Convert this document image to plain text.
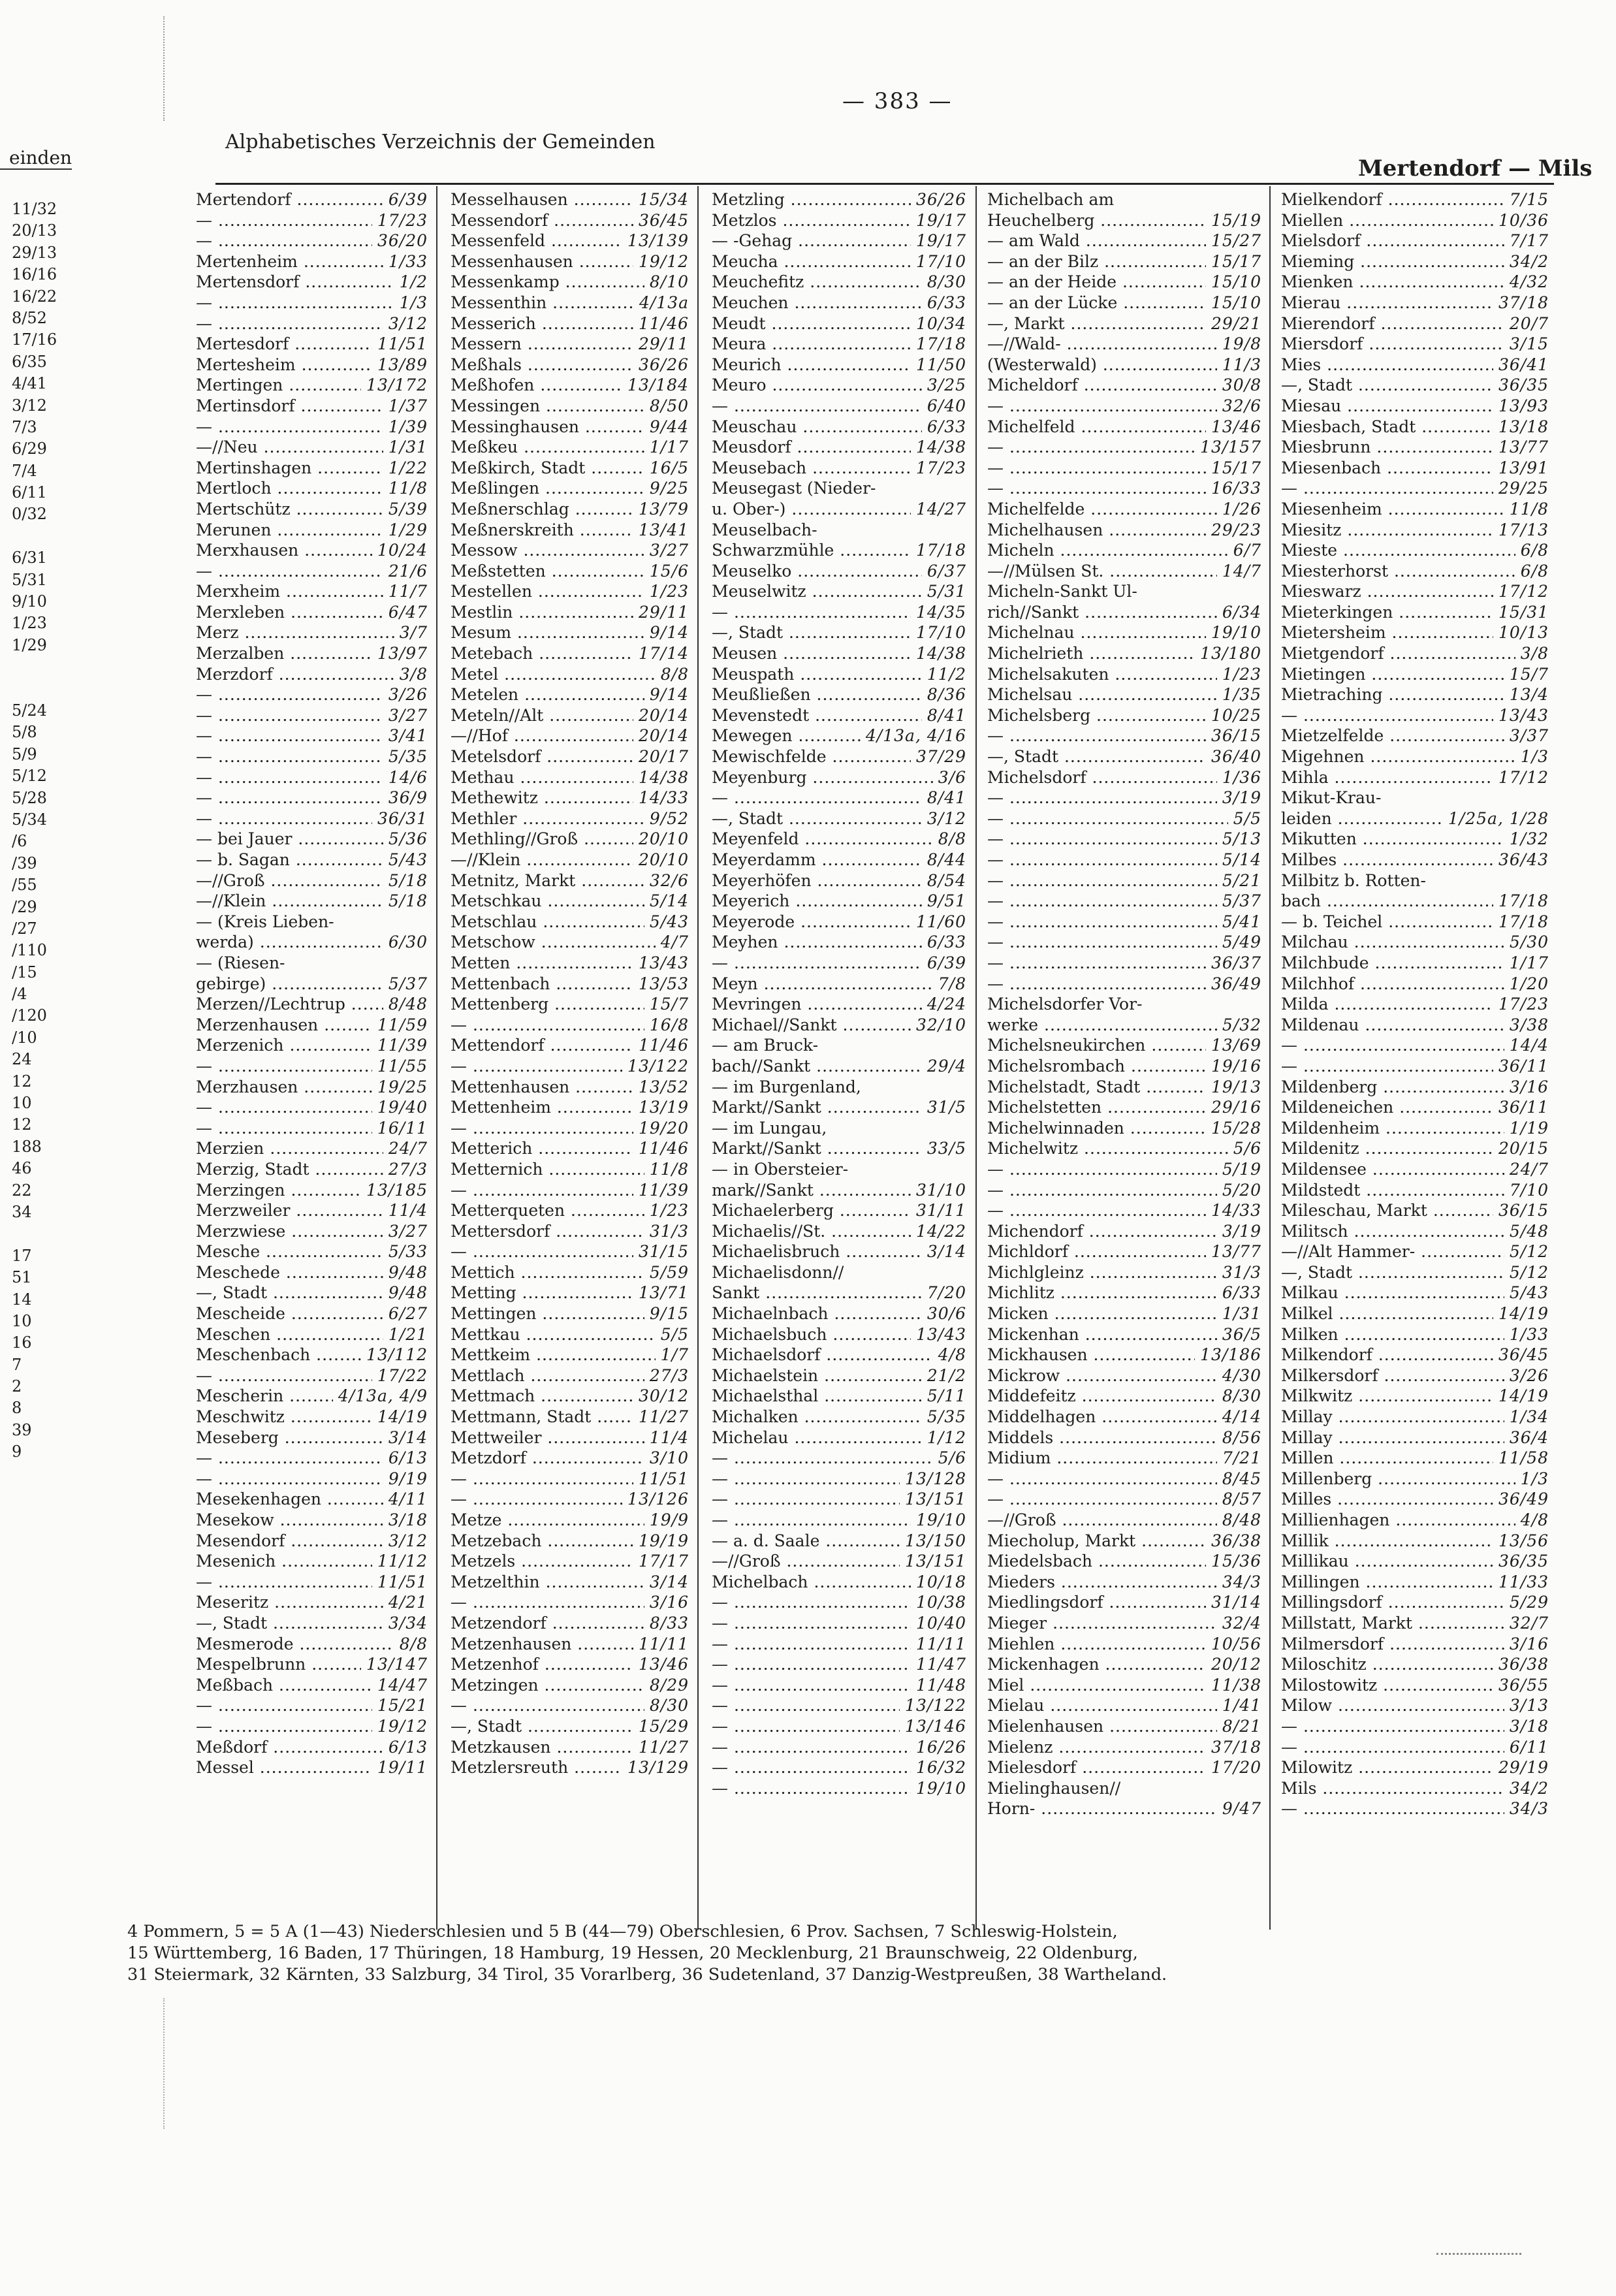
einden
11/32
20/13
29/13
16/16
16/22
8/52
17/16
6/35
4/41
3/12
7/3
6/29
7/4
6/11
0/32
6/31
5/31
9/10
1/23
1/29
5/24
5/8
5/9
5/12
5/28
5/34
/6
/39
/55
/29
/27
/110
/15
/4
/120
/10
24
12
10
12
188
46
22
34
17
51
14
10
16
7
2
8
39
9
— 383 —
Alphabetisches Verzeichnis der Gemeinden
Mertendorf — Mils
Mertendorf .....	6/39
— .....	17/23
— .....	36/20
Mertenheim .....	1/33
Mertensdorf .....	1/2
— .....	1/3
— .....	3/12
Mertesdorf .....	11/51
Mertesheim .....	13/89
Mertingen .....	13/172
Mertinsdorf .....	1/37
— .....	1/39
—//Neu .....	1/31
Mertinshagen .....	1/22
Mertloch .....	11/8
Mertschütz .....	5/39
Merunen .....	1/29
Merxhausen .....	10/24
— .....	21/6
Merxheim .....	11/7
Merxleben .....	6/47
Merz .....	3/7
Merzalben .....	13/97
Merzdorf .....	3/8
— .....	3/26
— .....	3/27
— .....	3/41
— .....	5/35
— .....	14/6
— .....	36/9
— .....	36/31
— bei Jauer .....	5/36
— b. Sagan .....	5/43
—//Groß .....	5/18
—//Klein .....	5/18
— (Kreis Lieben-
werda) .....	6/30
— (Riesen-
gebirge) .....	5/37
Merzen//Lechtrup .....	8/48
Merzenhausen .....	11/59
Merzenich .....	11/39
— .....	11/55
Merzhausen .....	19/25
— .....	19/40
— .....	16/11
Merzien .....	24/7
Merzig, Stadt .....	27/3
Merzingen .....	13/185
Merzweiler .....	11/4
Merzwiese .....	3/27
Mesche .....	5/33
Meschede .....	9/48
—, Stadt .....	9/48
Mescheide .....	6/27
Meschen .....	1/21
Meschenbach .....	13/112
— .....	17/22
Mescherin .....	4/13a, 4/9
Meschwitz .....	14/19
Meseberg .....	3/14
— .....	6/13
— .....	9/19
Mesekenhagen .....	4/11
Mesekow .....	3/18
Mesendorf .....	3/12
Mesenich .....	11/12
— .....	11/51
Meseritz .....	4/21
—, Stadt .....	3/34
Mesmerode .....	8/8
Mespelbrunn .....	13/147
Meßbach .....	14/47
— .....	15/21
— .....	19/12
Meßdorf .....	6/13
Messel .....	19/11
Messelhausen .....	15/34
Messendorf .....	36/45
Messenfeld .....	13/139
Messenhausen .....	19/12
Messenkamp .....	8/10
Messenthin .....	4/13a
Messerich .....	11/46
Messern .....	29/11
Meßhals .....	36/26
Meßhofen .....	13/184
Messingen .....	8/50
Messinghausen .....	9/44
Meßkeu .....	1/17
Meßkirch, Stadt .....	16/5
Meßlingen .....	9/25
Meßnerschlag .....	13/79
Meßnerskreith .....	13/41
Messow .....	3/27
Meßstetten .....	15/6
Mestellen .....	1/23
Mestlin .....	29/11
Mesum .....	9/14
Metebach .....	17/14
Metel .....	8/8
Metelen .....	9/14
Meteln//Alt .....	20/14
—//Hof .....	20/14
Metelsdorf .....	20/17
Methau .....	14/38
Methewitz .....	14/33
Methler .....	9/52
Methling//Groß .....	20/10
—//Klein .....	20/10
Metnitz, Markt .....	32/6
Metschkau .....	5/14
Metschlau .....	5/43
Metschow .....	4/7
Metten .....	13/43
Mettenbach .....	13/53
Mettenberg .....	15/7
— .....	16/8
Mettendorf .....	11/46
— .....	13/122
Mettenhausen .....	13/52
Mettenheim .....	13/19
— .....	19/20
Metterich .....	11/46
Metternich .....	11/8
— .....	11/39
Metterqueten .....	1/23
Mettersdorf .....	31/3
— .....	31/15
Mettich .....	5/59
Metting .....	13/71
Mettingen .....	9/15
Mettkau .....	5/5
Mettkeim .....	1/7
Mettlach .....	27/3
Mettmach .....	30/12
Mettmann, Stadt .....	11/27
Mettweiler .....	11/4
Metzdorf .....	3/10
— .....	11/51
— .....	13/126
Metze .....	19/9
Metzebach .....	19/19
Metzels .....	17/17
Metzelthin .....	3/14
— .....	3/16
Metzendorf .....	8/33
Metzenhausen .....	11/11
Metzenhof .....	13/46
Metzingen .....	8/29
— .....	8/30
—, Stadt .....	15/29
Metzkausen .....	11/27
Metzlersreuth .....	13/129
Metzling .....	36/26
Metzlos .....	19/17
— -Gehag .....	19/17
Meucha .....	17/10
Meuchefitz .....	8/30
Meuchen .....	6/33
Meudt .....	10/34
Meura .....	17/18
Meurich .....	11/50
Meuro .....	3/25
— .....	6/40
Meuschau .....	6/33
Meusdorf .....	14/38
Meusebach .....	17/23
Meusegast (Nieder-
u. Ober-) .....	14/27
Meuselbach-
Schwarzmühle .....	17/18
Meuselko .....	6/37
Meuselwitz .....	5/31
— .....	14/35
—, Stadt .....	17/10
Meusen .....	14/38
Meuspath .....	11/2
Meußließen .....	8/36
Mevenstedt .....	8/41
Mewegen .....	4/13a, 4/16
Mewischfelde .....	37/29
Meyenburg .....	3/6
— .....	8/41
—, Stadt .....	3/12
Meyenfeld .....	8/8
Meyerdamm .....	8/44
Meyerhöfen .....	8/54
Meyerich .....	9/51
Meyerode .....	11/60
Meyhen .....	6/33
— .....	6/39
Meyn .....	7/8
Mevringen .....	4/24
Michael//Sankt .....	32/10
— am Bruck-
bach//Sankt .....	29/4
— im Burgenland,
Markt//Sankt .....	31/5
— im Lungau,
Markt//Sankt .....	33/5
— in Obersteier-
mark//Sankt .....	31/10
Michaelerberg .....	31/11
Michaelis//St. .....	14/22
Michaelisbruch .....	3/14
Michaelisdonn//
Sankt .....	7/20
Michaelnbach .....	30/6
Michaelsbuch .....	13/43
Michaelsdorf .....	4/8
Michaelstein .....	21/2
Michaelsthal .....	5/11
Michalken .....	5/35
Michelau .....	1/12
— .....	5/6
— .....	13/128
— .....	13/151
— .....	19/10
— a. d. Saale .....	13/150
—//Groß .....	13/151
Michelbach .....	10/18
— .....	10/38
— .....	10/40
— .....	11/11
— .....	11/47
— .....	11/48
— .....	13/122
— .....	13/146
— .....	16/26
— .....	16/32
— .....	19/10
Michelbach am
Heuchelberg .....	15/19
— am Wald .....	15/27
— an der Bilz .....	15/17
— an der Heide .....	15/10
— an der Lücke .....	15/10
—, Markt .....	29/21
—//Wald- .....	19/8
(Westerwald) .....	11/3
Micheldorf .....	30/8
— .....	32/6
Michelfeld .....	13/46
— .....	13/157
— .....	15/17
— .....	16/33
Michelfelde .....	1/26
Michelhausen .....	29/23
Micheln .....	6/7
—//Mülsen St. .....	14/7
Micheln-Sankt Ul-
rich//Sankt .....	6/34
Michelnau .....	19/10
Michelrieth .....	13/180
Michelsakuten .....	1/23
Michelsau .....	1/35
Michelsberg .....	10/25
— .....	36/15
—, Stadt .....	36/40
Michelsdorf .....	1/36
— .....	3/19
— .....	5/5
— .....	5/13
— .....	5/14
— .....	5/21
— .....	5/37
— .....	5/41
— .....	5/49
— .....	36/37
— .....	36/49
Michelsdorfer Vor-
werke .....	5/32
Michelsneukirchen .....	13/69
Michelsrombach .....	19/16
Michelstadt, Stadt .....	19/13
Michelstetten .....	29/16
Michelwinnaden .....	15/28
Michelwitz .....	5/6
— .....	5/19
— .....	5/20
— .....	14/33
Michendorf .....	3/19
Michldorf .....	13/77
Michlgleinz .....	31/3
Michlitz .....	6/33
Micken .....	1/31
Mickenhan .....	36/5
Mickhausen .....	13/186
Mickrow .....	4/30
Middefeitz .....	8/30
Middelhagen .....	4/14
Middels .....	8/56
Midium .....	7/21
— .....	8/45
— .....	8/57
—//Groß .....	8/48
Miecholup, Markt .....	36/38
Miedelsbach .....	15/36
Mieders .....	34/3
Miedlingsdorf .....	31/14
Mieger .....	32/4
Miehlen .....	10/56
Mickenhagen .....	20/12
Miel .....	11/38
Mielau .....	1/41
Mielenhausen .....	8/21
Mielenz .....	37/18
Mielesdorf .....	17/20
Mielinghausen//
Horn- .....	9/47
Mielkendorf .....	7/15
Miellen .....	10/36
Mielsdorf .....	7/17
Mieming .....	34/2
Mienken .....	4/32
Mierau .....	37/18
Mierendorf .....	20/7
Miersdorf .....	3/15
Mies .....	36/41
—, Stadt .....	36/35
Miesau .....	13/93
Miesbach, Stadt .....	13/18
Miesbrunn .....	13/77
Miesenbach .....	13/91
— .....	29/25
Miesenheim .....	11/8
Miesitz .....	17/13
Mieste .....	6/8
Miesterhorst .....	6/8
Mieswarz .....	17/12
Mieterkingen .....	15/31
Mietersheim .....	10/13
Mietgendorf .....	3/8
Mietingen .....	15/7
Mietraching .....	13/4
— .....	13/43
Mietzelfelde .....	3/37
Migehnen .....	1/3
Mihla .....	17/12
Mikut-Krau-
leiden .....	1/25a, 1/28
Mikutten .....	1/32
Milbes .....	36/43
Milbitz b. Rotten-
bach .....	17/18
— b. Teichel .....	17/18
Milchau .....	5/30
Milchbude .....	1/17
Milchhof .....	1/20
Milda .....	17/23
Mildenau .....	3/38
— .....	14/4
— .....	36/11
Mildenberg .....	3/16
Mildeneichen .....	36/11
Mildenheim .....	1/19
Mildenitz .....	20/15
Mildensee .....	24/7
Mildstedt .....	7/10
Mileschau, Markt .....	36/15
Militsch .....	5/48
—//Alt Hammer- .....	5/12
—, Stadt .....	5/12
Milkau .....	5/43
Milkel .....	14/19
Milken .....	1/33
Milkendorf .....	36/45
Milkersdorf .....	3/26
Milkwitz .....	14/19
Millay .....	1/34
Millay .....	36/4
Millen .....	11/58
Millenberg .....	1/3
Milles .....	36/49
Millienhagen .....	4/8
Millik .....	13/56
Millikau .....	36/35
Millingen .....	11/33
Millingsdorf .....	5/29
Millstatt, Markt .....	32/7
Milmersdorf .....	3/16
Miloschitz .....	36/38
Milostowitz .....	36/55
Milow .....	3/13
— .....	3/18
— .....	6/11
Milowitz .....	29/19
Mils .....	34/2
— .....	34/3
4 Pommern, 5 = 5 A (1—43) Niederschlesien und 5 B (44—79) Oberschlesien, 6 Prov. Sachsen, 7 Schleswig-Holstein,
15 Württemberg, 16 Baden, 17 Thüringen, 18 Hamburg, 19 Hessen, 20 Mecklenburg, 21 Braunschweig, 22 Oldenburg,
31 Steiermark, 32 Kärnten, 33 Salzburg, 34 Tirol, 35 Vorarlberg, 36 Sudetenland, 37 Danzig-Westpreußen, 38 Wartheland.
